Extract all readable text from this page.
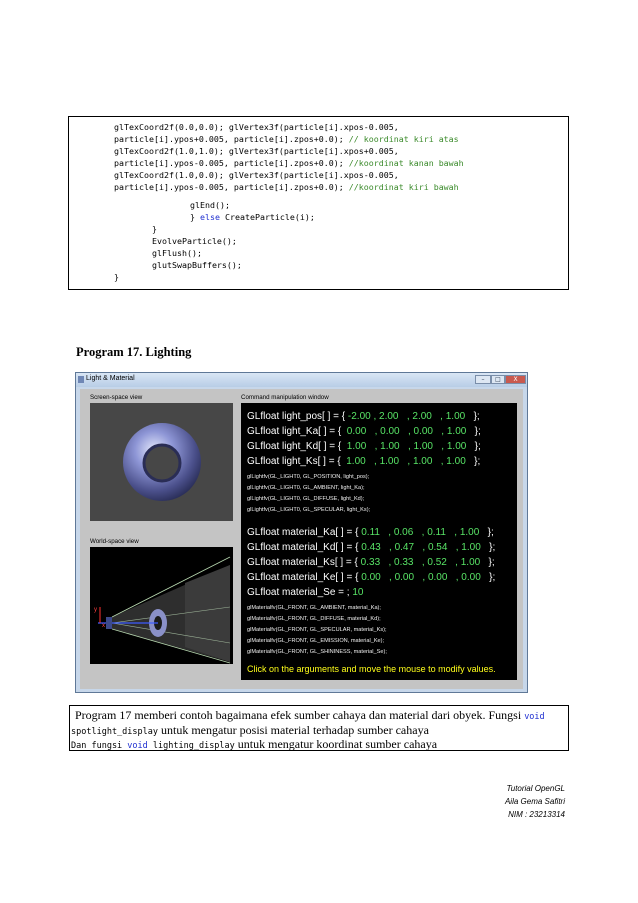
glTexCoord2f(0.0,0.0); glVertex3f(particle[i].xpos-0.005,
particle[i].ypos+0.005, particle[i].zpos+0.0); // koordinat kiri atas
glTexCoord2f(1.0,1.0); glVertex3f(particle[i].xpos+0.005,
particle[i].ypos-0.005, particle[i].zpos+0.0); //koordinat kanan bawah
glTexCoord2f(1.0,0.0); glVertex3f(particle[i].xpos-0.005,
particle[i].ypos-0.005, particle[i].zpos+0.0); //koordinat kiri bawah
glEnd();
} else CreateParticle(i);
}
EvolveParticle();
glFlush();
glutSwapBuffers();
}
Program 17. Lighting
Light & Material	–	□	X
Screen-space view	Command manipulation window
World-space view
y
x
GLfloat light_pos[ ] = { -2.00 , 2.00   , 2.00   , 1.00 };
GLfloat light_Ka[ ] = { 0.00   , 0.00   , 0.00   , 1.00 };
GLfloat light_Kd[ ] = { 1.00   , 1.00   , 1.00   , 1.00 };
GLfloat light_Ks[ ] = { 1.00   , 1.00   , 1.00   , 1.00 };
glLightfv(GL_LIGHT0, GL_POSITION, light_pos);
glLightfv(GL_LIGHT0, GL_AMBIENT, light_Ka);
glLightfv(GL_LIGHT0, GL_DIFFUSE, light_Kd);
glLightfv(GL_LIGHT0, GL_SPECULAR, light_Ks);
GLfloat material_Ka[ ] = { 0.11   , 0.06   , 0.11   , 1.00 };
GLfloat material_Kd[ ] = { 0.43   , 0.47   , 0.54   , 1.00 };
GLfloat material_Ks[ ] = { 0.33   , 0.33   , 0.52   , 1.00 };
GLfloat material_Ke[ ] = { 0.00   , 0.00   , 0.00   , 0.00 };
GLfloat material_Se = ; 10
glMaterialfv(GL_FRONT, GL_AMBIENT, material_Ka);
glMaterialfv(GL_FRONT, GL_DIFFUSE, material_Kd);
glMaterialfv(GL_FRONT, GL_SPECULAR, material_Ks);
glMaterialfv(GL_FRONT, GL_EMISSION, material_Ke);
glMaterialfv(GL_FRONT, GL_SHININESS, material_Se);
Click on the arguments and move the mouse to modify values.
Program 17 memberi contoh bagaimana efek sumber cahaya dan material dari obyek. Fungsi void
spotlight_display untuk mengatur posisi material terhadap sumber cahaya
Dan fungsi void lighting_display untuk mengatur koordinat sumber cahaya
Tutorial OpenGL
Aila Gema Safitri
NIM : 23213314
